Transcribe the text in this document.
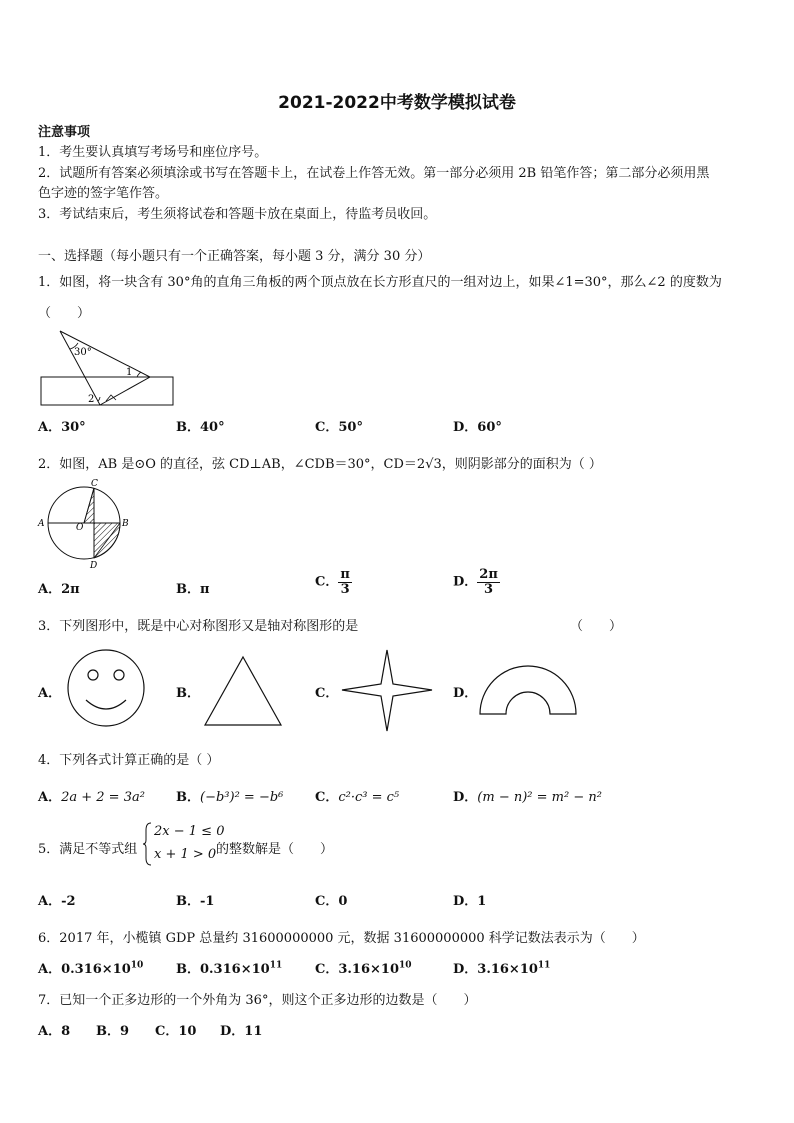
2021-2022中考数学模拟试卷
注意事项
1．考生要认真填写考场号和座位序号。
2．试题所有答案必须填涂或书写在答题卡上，在试卷上作答无效。第一部分必须用 2B 铅笔作答；第二部分必须用黑
色字迹的签字笔作答。
3．考试结束后，考生须将试卷和答题卡放在桌面上，待监考员收回。
一、选择题（每小题只有一个正确答案，每小题 3 分，满分 30 分）
1．如图，将一块含有 30°角的直角三角板的两个顶点放在长方形直尺的一组对边上，如果∠1=30°，那么∠2 的度数为
（　　）
30°
1
2
A．30°	B．40°	C．50°	D．60°
2．如图，AB 是⊙O 的直径，弦 CD⊥AB，∠CDB＝30°，CD＝2√3，则阴影部分的面积为（ ）
A	B
C
D
O
A．2π	B．π	C． $\frac{\pi}{3}$	D． $\frac{2\pi}{3}$
3．下列图形中，既是中心对称图形又是轴对称图形的是	（　　）
A．	B．	C．	D．
4．下列各式计算正确的是（ ）
A．2a + 2 = 3a² B．(−b³)² = −b⁶ C．c²·c³ = c⁵	D．(m − n)² = m² − n²
5．满足不等式组
2x − 1 ≤ 0
x + 1 > 0 的整数解是（　　）
A．-2	B．-1	C．0	D．1
6．2017 年，小榄镇 GDP 总量约 31600000000 元，数据 31600000000 科学记数法表示为（　　）
A．$0.316\times 10^{10}$	B．$0.316\times 10^{11}$	C．$3.16\times 10^{10}$	D．$3.16\times 10^{11}$
7．已知一个正多边形的一个外角为 36°，则这个正多边形的边数是（　　）
A．8 B．9 C．10 D．11
